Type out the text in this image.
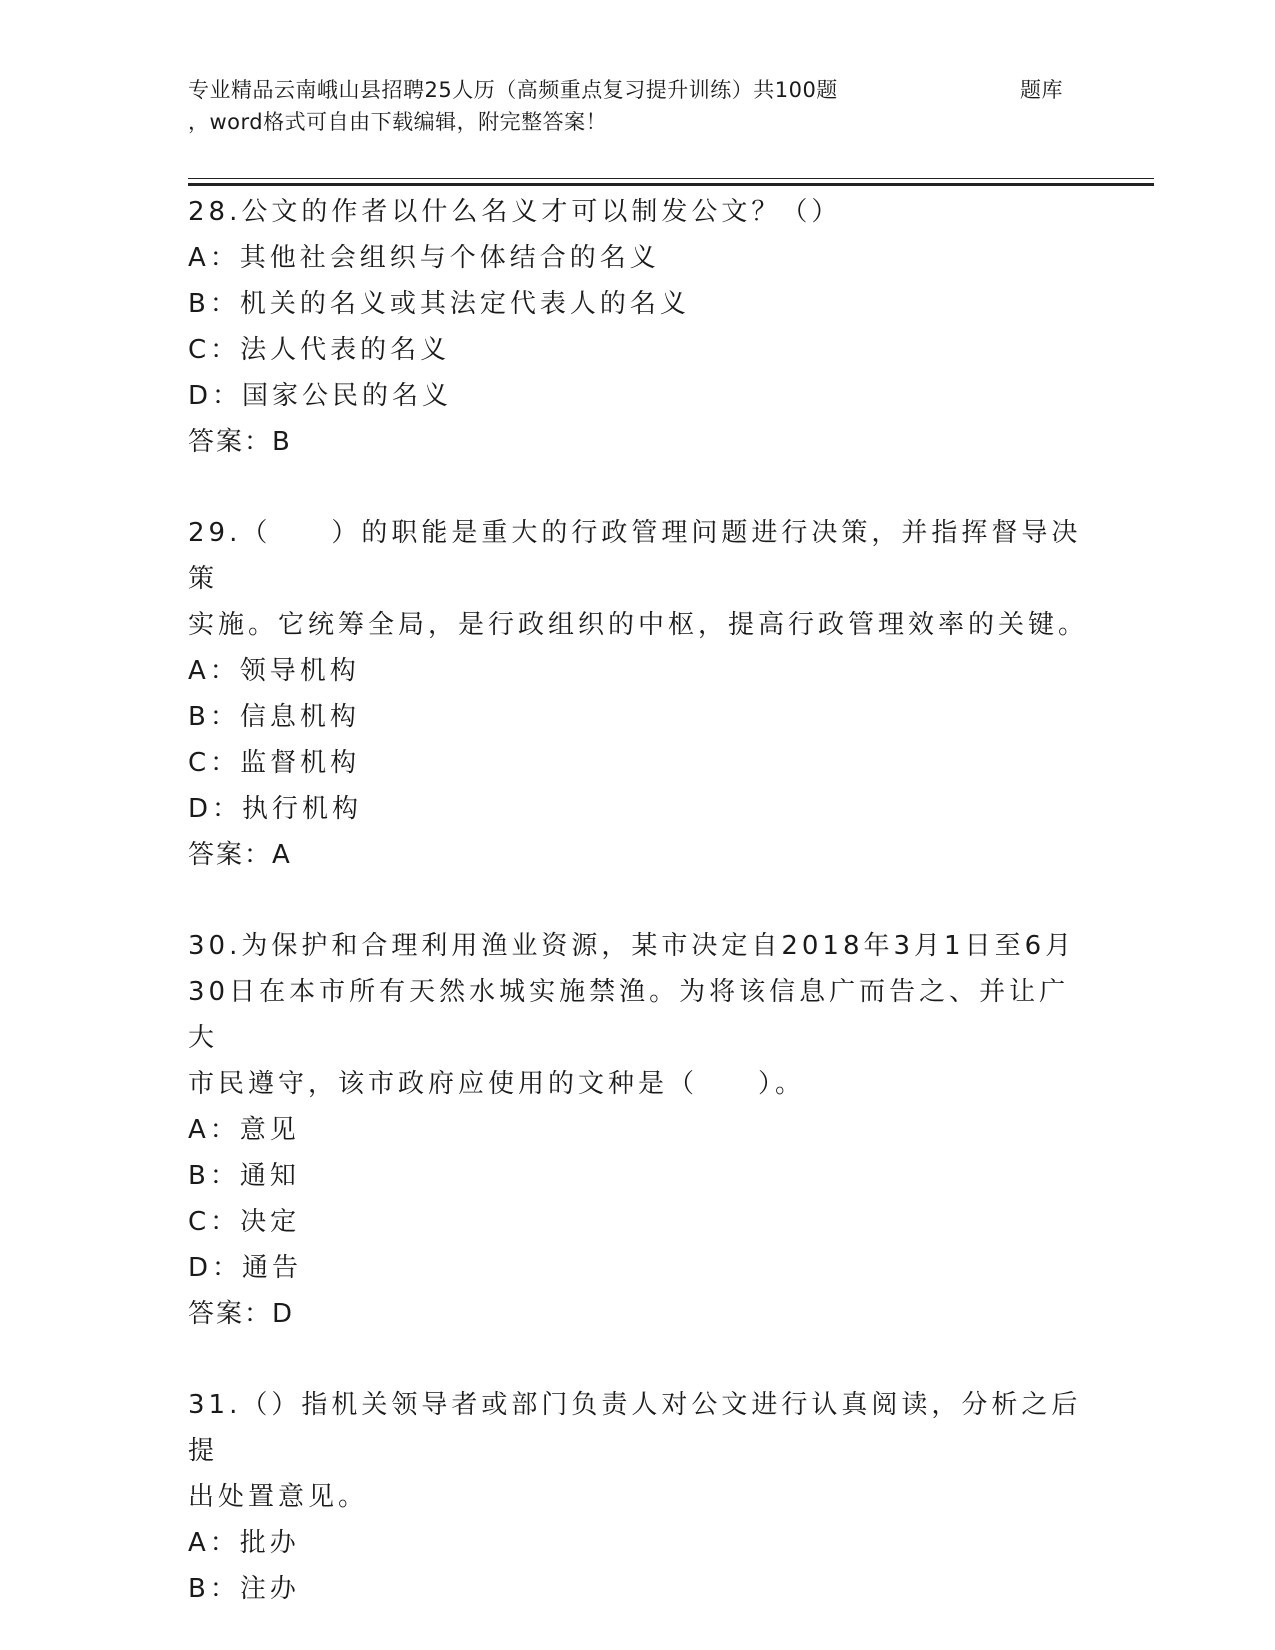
专业精品云南峨山县招聘25人历（高频重点复习提升训练）共100题	题库
，word格式可自由下载编辑，附完整答案！

28.公文的作者以什么名义才可以制发公文？（）

A：其他社会组织与个体结合的名义

B：机关的名义或其法定代表人的名义

C：法人代表的名义

D：国家公民的名义

答案：B

29.（　　）的职能是重大的行政管理问题进行决策，并指挥督导决策

实施。它统筹全局，是行政组织的中枢，提高行政管理效率的关键。

A：领导机构

B：信息机构

C：监督机构

D：执行机构

答案：A

30.为保护和合理利用渔业资源，某市决定自2018年3月1日至6月

30日在本市所有天然水城实施禁渔。为将该信息广而告之、并让广大

市民遵守，该市政府应使用的文种是（　　）。

A：意见

B：通知

C：决定

D：通告

答案：D

31.（）指机关领导者或部门负责人对公文进行认真阅读，分析之后提

出处置意见。

A：批办

B：注办
